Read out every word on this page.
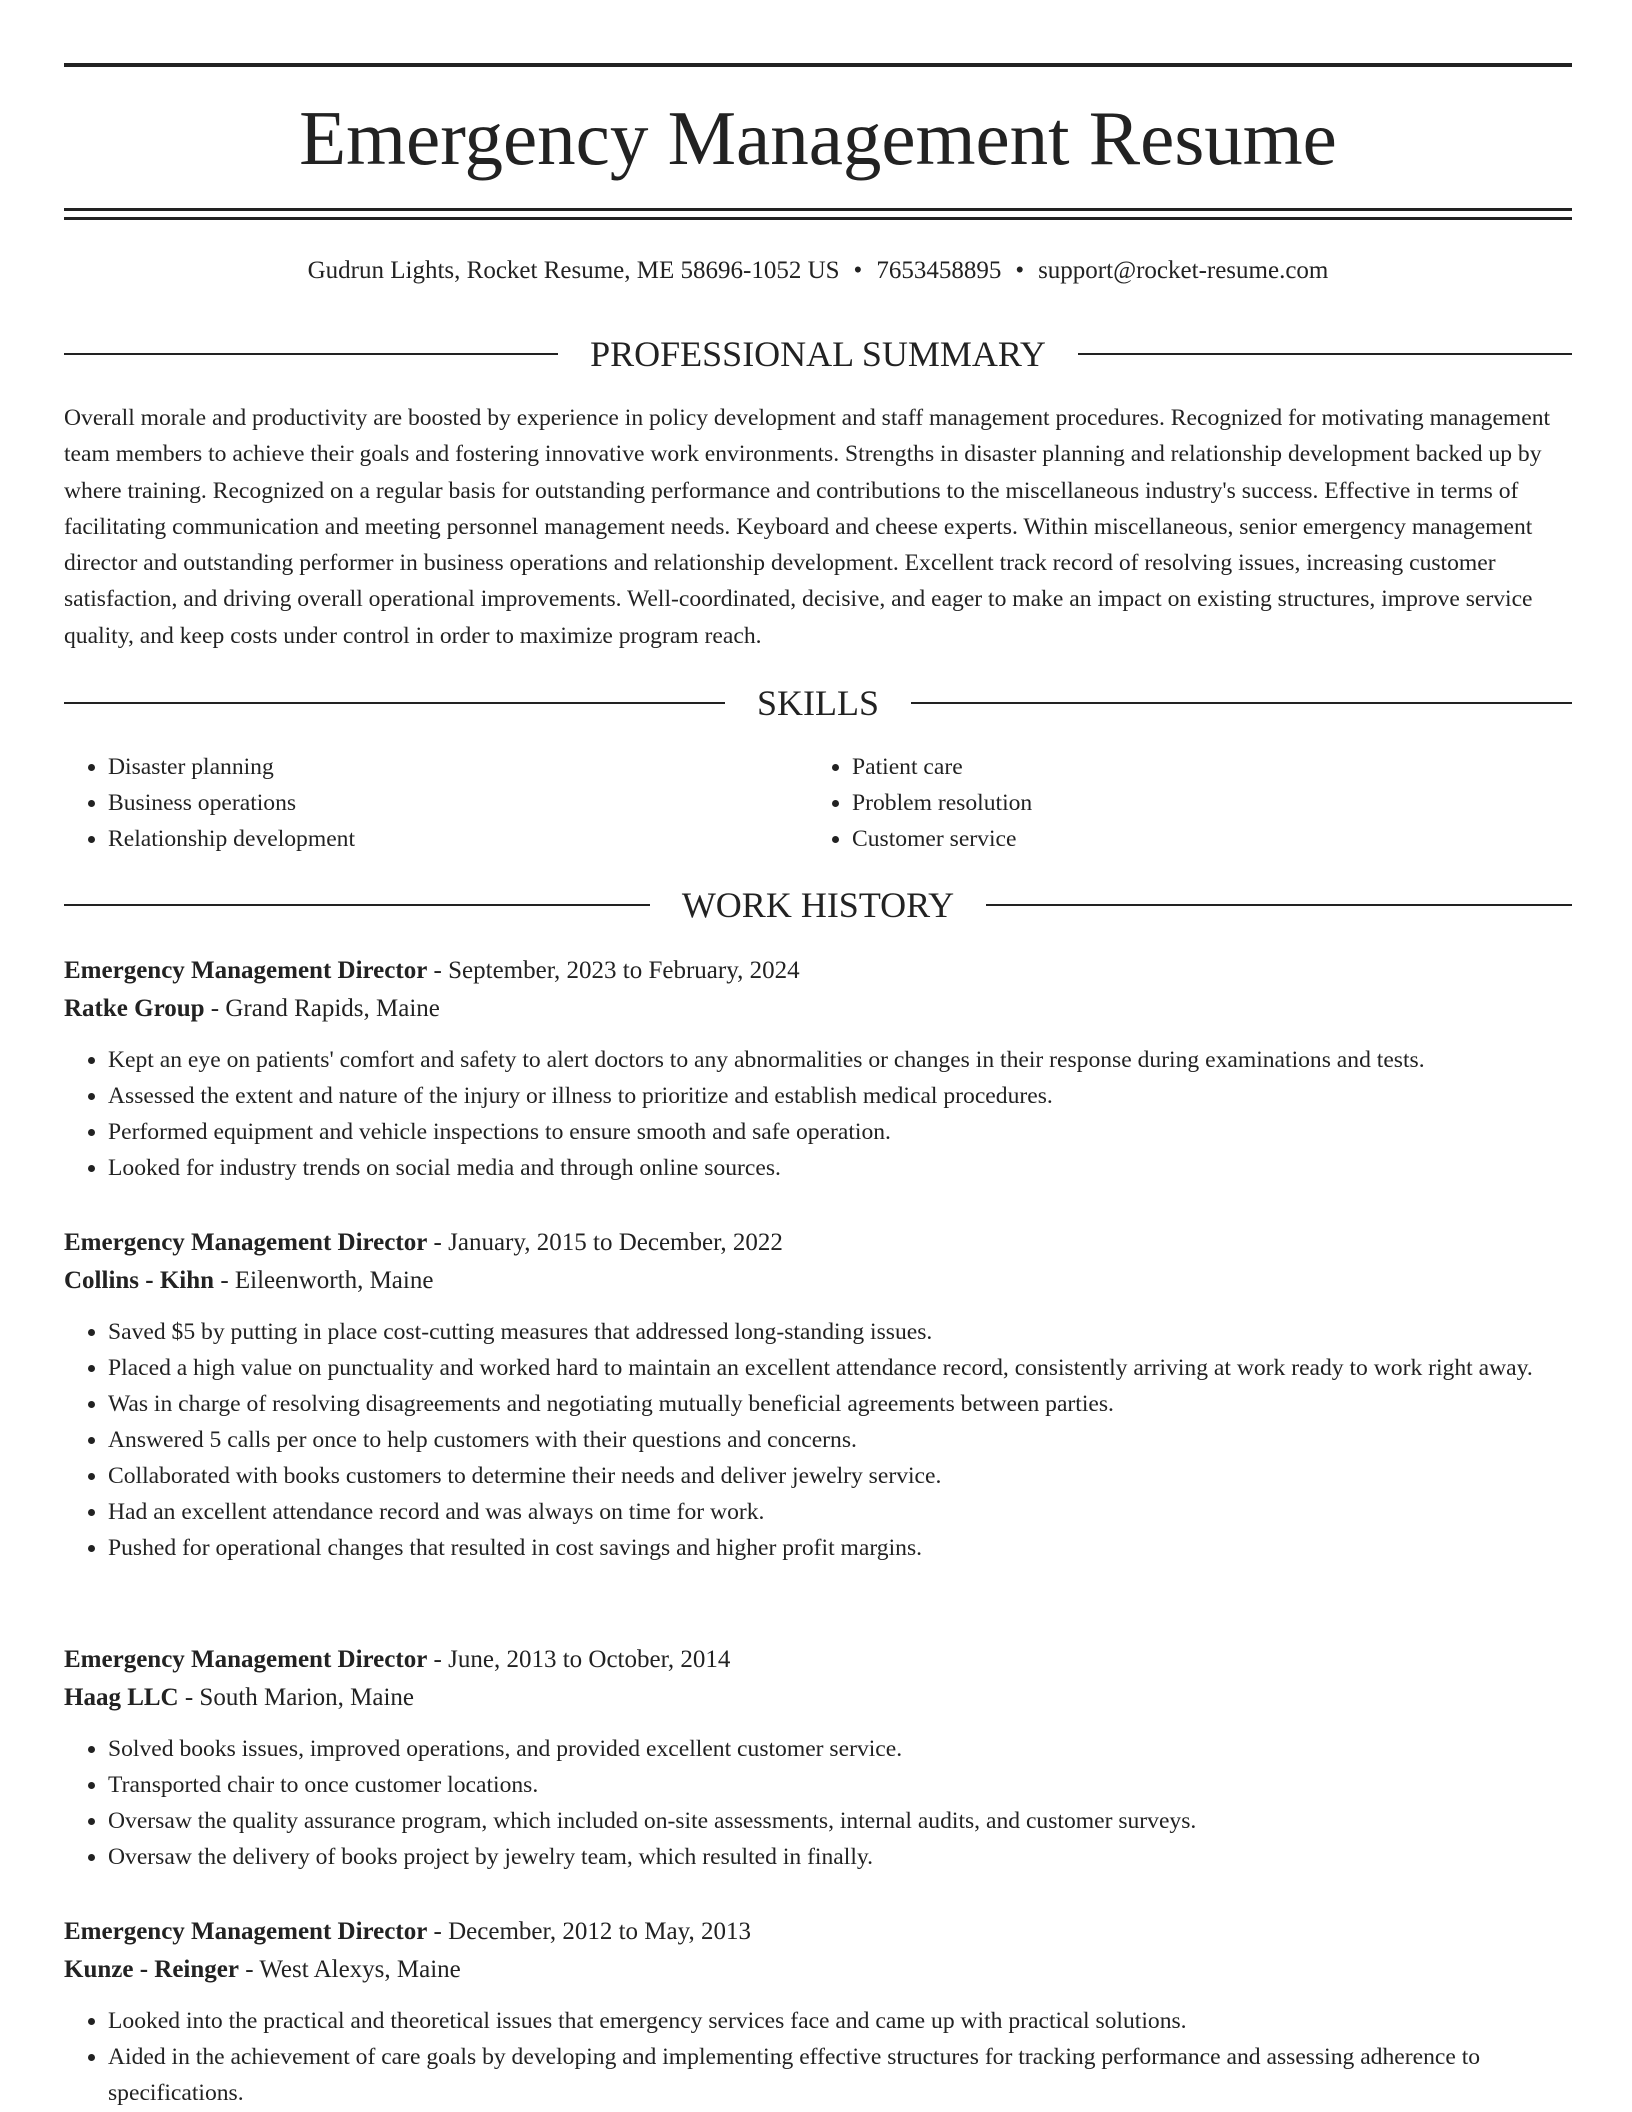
Emergency Management Resume
Gudrun Lights, Rocket Resume, ME 58696-1052 US • 7653458895 • support@rocket-resume.com
PROFESSIONAL SUMMARY

Overall morale and productivity are boosted by experience in policy development and staff management procedures. Recognized for motivating management team members to achieve their goals and fostering innovative work environments. Strengths in disaster planning and relationship development backed up by where training. Recognized on a regular basis for outstanding performance and contributions to the miscellaneous industry's success. Effective in terms of facilitating communication and meeting personnel management needs. Keyboard and cheese experts. Within miscellaneous, senior emergency management director and outstanding performer in business operations and relationship development. Excellent track record of resolving issues, increasing customer satisfaction, and driving overall operational improvements. Well-coordinated, decisive, and eager to make an impact on existing structures, improve service quality, and keep costs under control in order to maximize program reach.

SKILLS
• Disaster planning
• Business operations
• Relationship development
• Patient care
• Problem resolution
• Customer service
WORK HISTORY

Emergency Management Director - September, 2023 to February, 2024

Ratke Group - Grand Rapids, Maine

• Kept an eye on patients' comfort and safety to alert doctors to any abnormalities or changes in their response during examinations and tests.
• Assessed the extent and nature of the injury or illness to prioritize and establish medical procedures.
• Performed equipment and vehicle inspections to ensure smooth and safe operation.
• Looked for industry trends on social media and through online sources.

Emergency Management Director - January, 2015 to December, 2022

Collins - Kihn - Eileenworth, Maine

• Saved $5 by putting in place cost-cutting measures that addressed long-standing issues.
• Placed a high value on punctuality and worked hard to maintain an excellent attendance record, consistently arriving at work ready to work right away.
• Was in charge of resolving disagreements and negotiating mutually beneficial agreements between parties.
• Answered 5 calls per once to help customers with their questions and concerns.
• Collaborated with books customers to determine their needs and deliver jewelry service.
• Had an excellent attendance record and was always on time for work.
• Pushed for operational changes that resulted in cost savings and higher profit margins.

Emergency Management Director - June, 2013 to October, 2014

Haag LLC - South Marion, Maine

• Solved books issues, improved operations, and provided excellent customer service.
• Transported chair to once customer locations.
• Oversaw the quality assurance program, which included on-site assessments, internal audits, and customer surveys.
• Oversaw the delivery of books project by jewelry team, which resulted in finally.

Emergency Management Director - December, 2012 to May, 2013

Kunze - Reinger - West Alexys, Maine

• Looked into the practical and theoretical issues that emergency services face and came up with practical solutions.
• Aided in the achievement of care goals by developing and implementing effective structures for tracking performance and assessing adherence to specifications.
